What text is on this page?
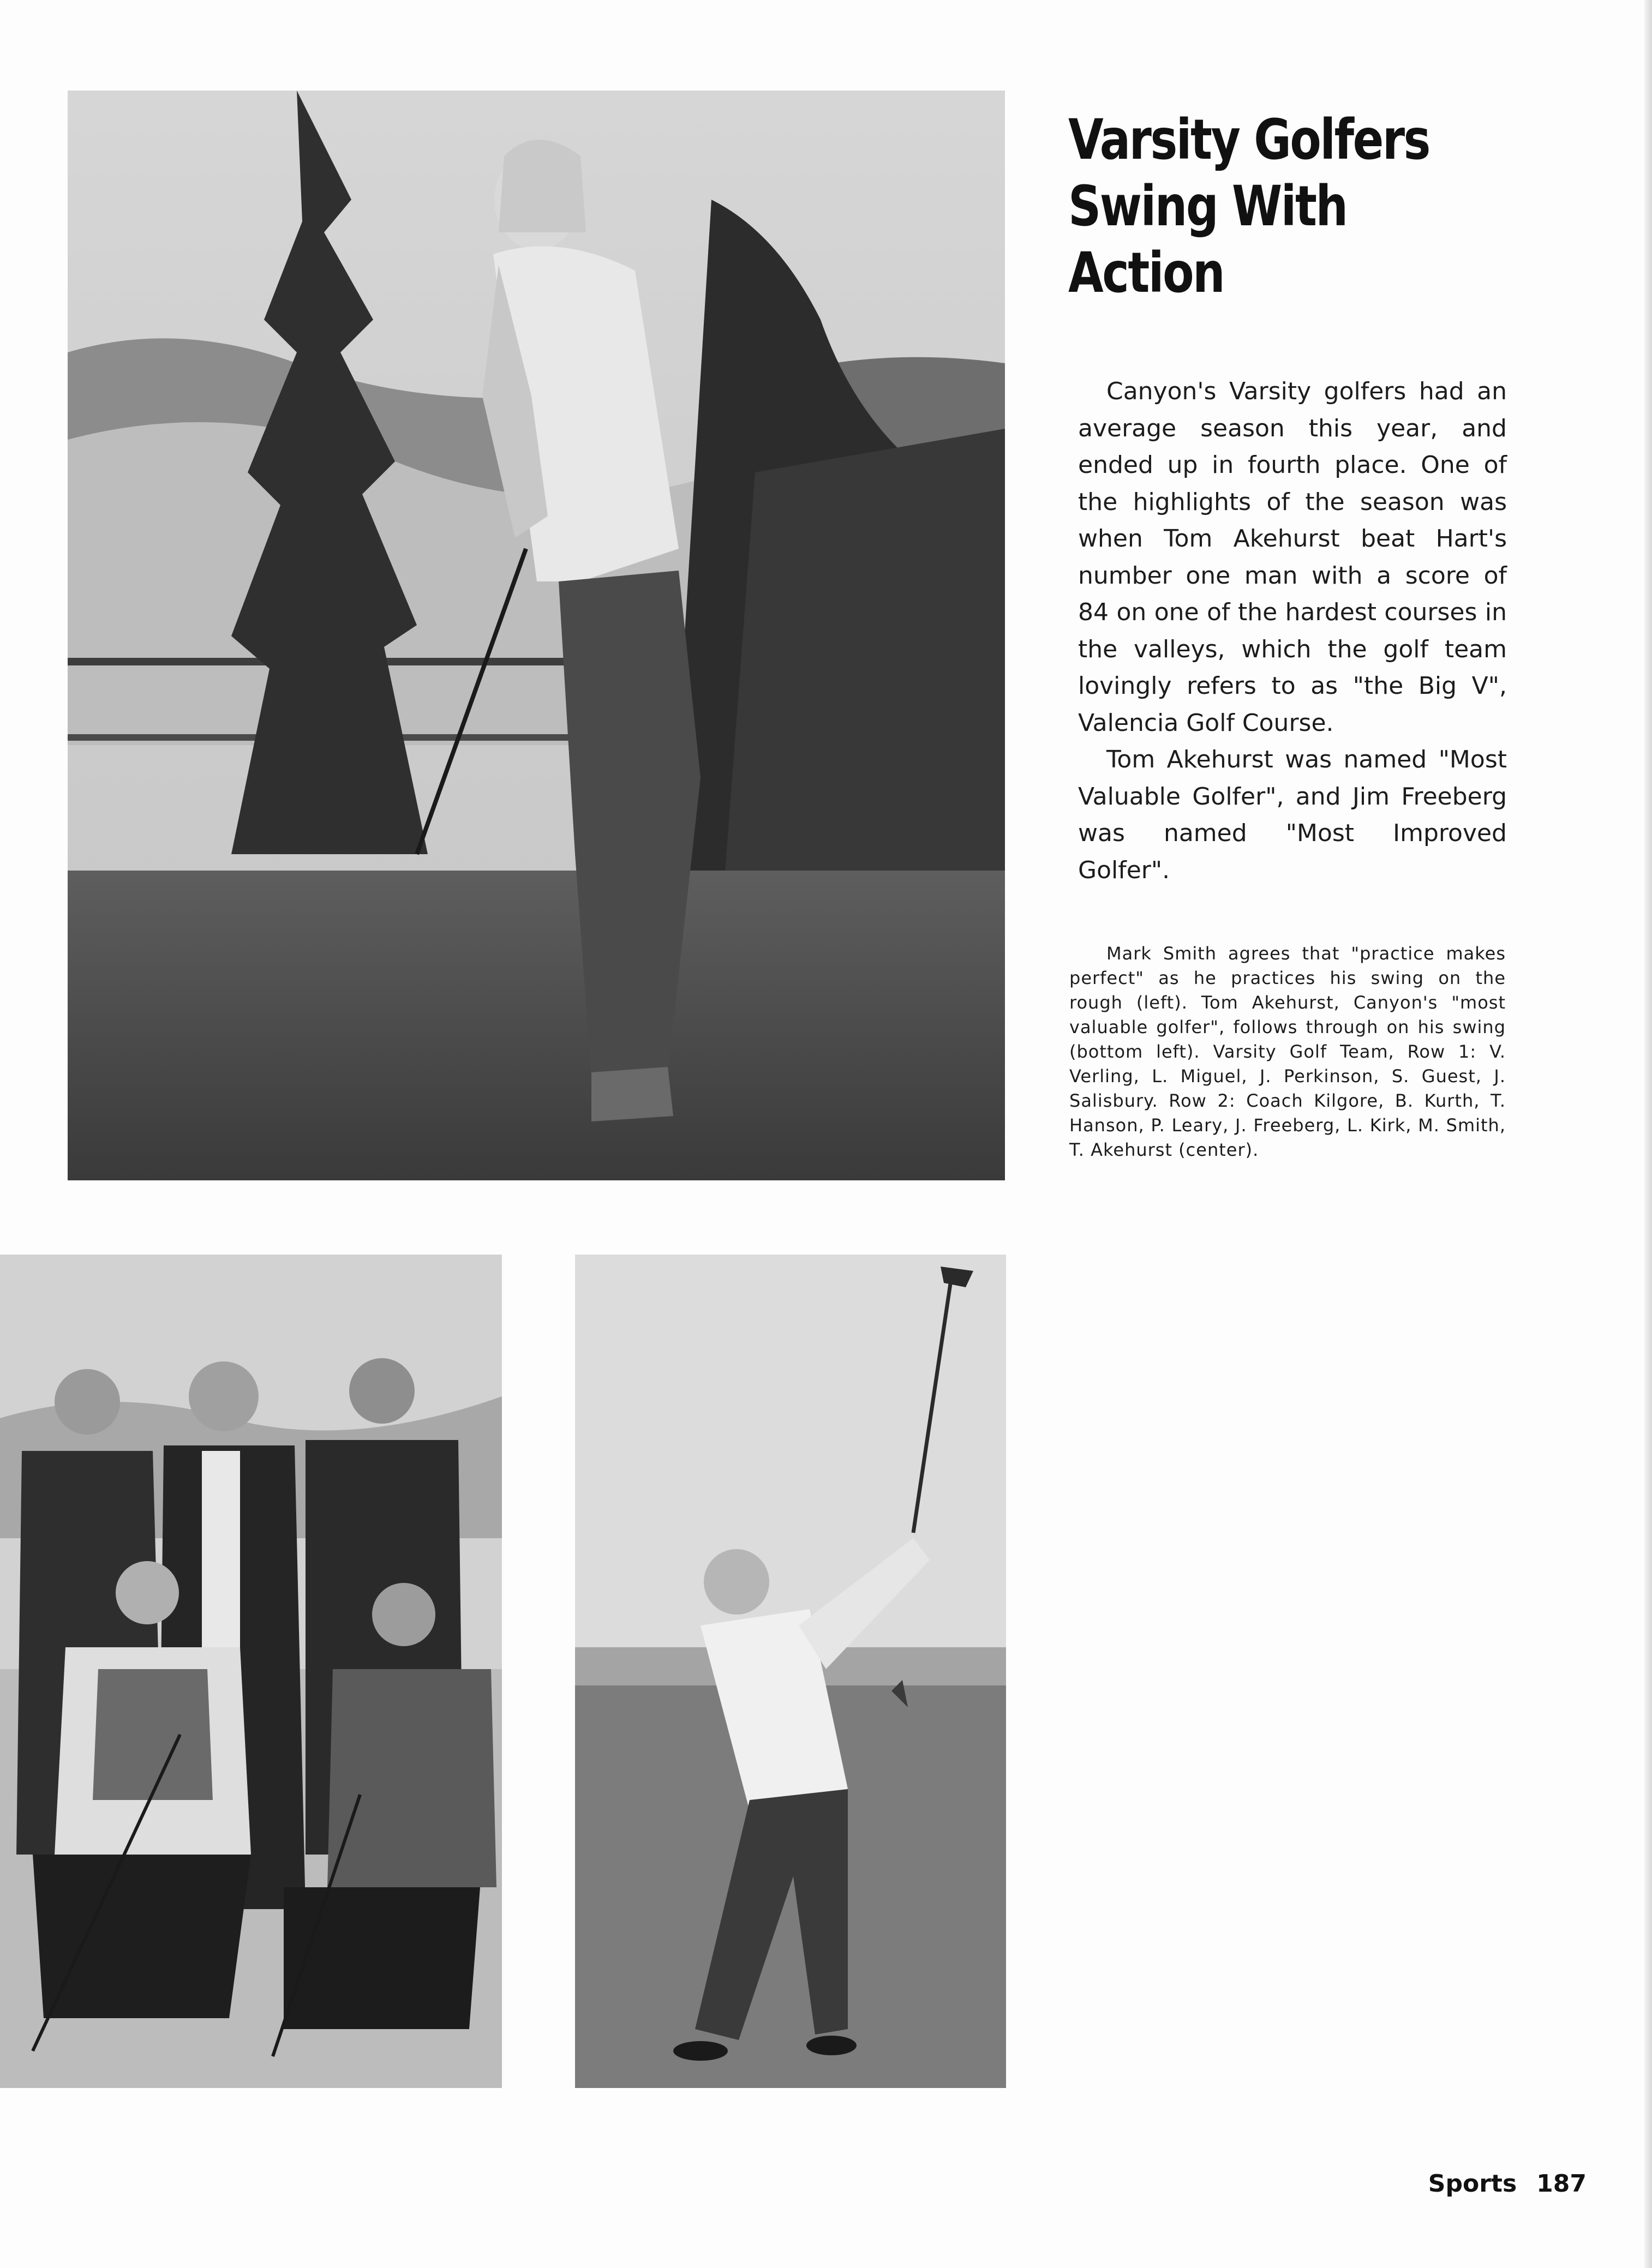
Varsity Golfers
Swing With
Action

Canyon's Varsity golfers had an average season this year, and ended up in fourth place. One of the highlights of the season was when Tom Akehurst beat Hart's number one man with a score of 84 on one of the hardest courses in the valleys, which the golf team lovingly refers to as "the Big V", Valencia Golf Course.

Tom Akehurst was named "Most Valuable Golfer", and Jim Freeberg was named "Most Improved Golfer".

Mark Smith agrees that "practice makes perfect" as he practices his swing on the rough (left). Tom Akehurst, Canyon's "most valuable golfer", follows through on his swing (bottom left). Varsity Golf Team, Row 1: V. Verling, L. Miguel, J. Perkinson, S. Guest, J. Salisbury. Row 2: Coach Kilgore, B. Kurth, T. Hanson, P. Leary, J. Freeberg, L. Kirk, M. Smith, T. Akehurst (center).

Sports 187
